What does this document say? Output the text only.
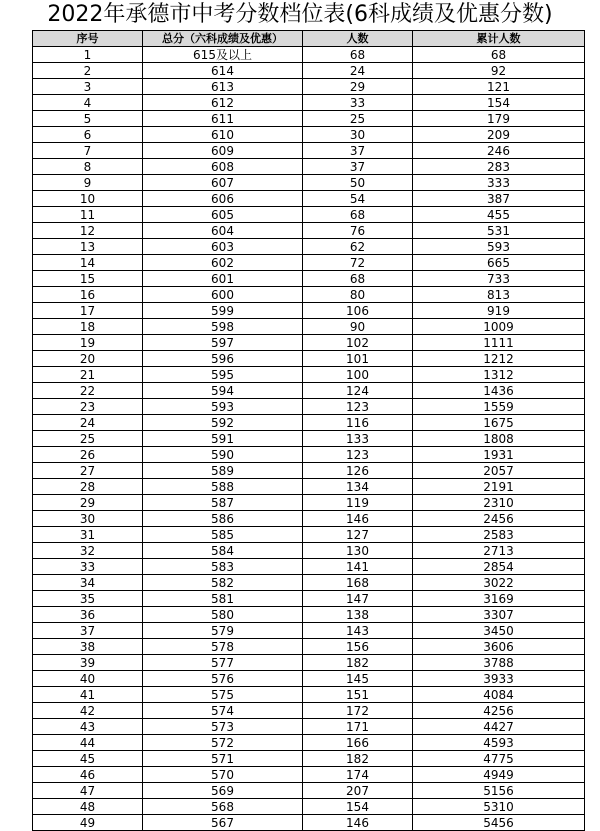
2022年承德市中考分数档位表(6科成绩及优惠分数)
序号	总分（六科成绩及优惠）	人数	累计人数
1	615及以上	68	68
2	614	24	92
3	613	29	121
4	612	33	154
5	611	25	179
6	610	30	209
7	609	37	246
8	608	37	283
9	607	50	333
10	606	54	387
11	605	68	455
12	604	76	531
13	603	62	593
14	602	72	665
15	601	68	733
16	600	80	813
17	599	106	919
18	598	90	1009
19	597	102	1111
20	596	101	1212
21	595	100	1312
22	594	124	1436
23	593	123	1559
24	592	116	1675
25	591	133	1808
26	590	123	1931
27	589	126	2057
28	588	134	2191
29	587	119	2310
30	586	146	2456
31	585	127	2583
32	584	130	2713
33	583	141	2854
34	582	168	3022
35	581	147	3169
36	580	138	3307
37	579	143	3450
38	578	156	3606
39	577	182	3788
40	576	145	3933
41	575	151	4084
42	574	172	4256
43	573	171	4427
44	572	166	4593
45	571	182	4775
46	570	174	4949
47	569	207	5156
48	568	154	5310
49	567	146	5456
